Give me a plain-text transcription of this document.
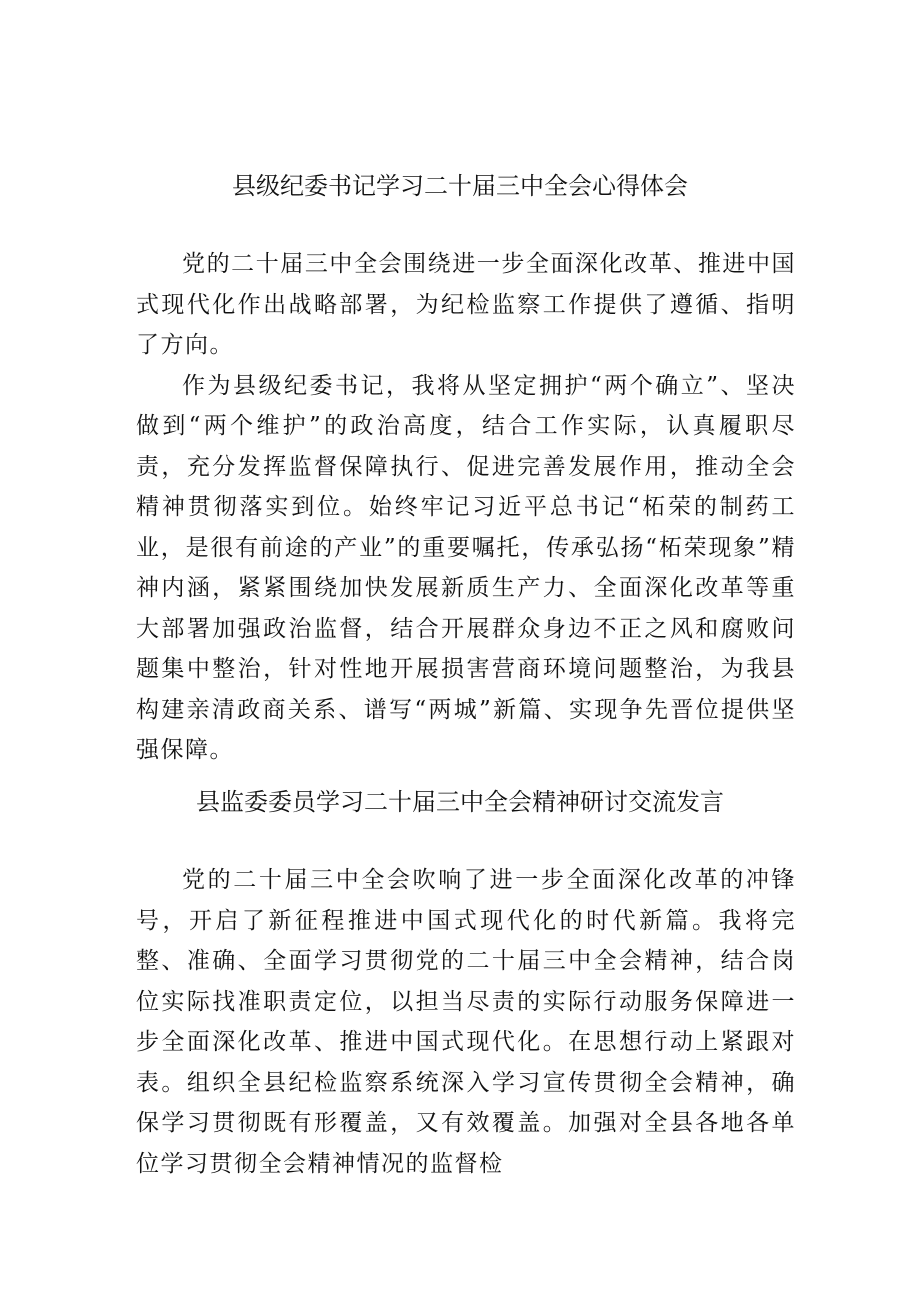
县级纪委书记学习二十届三中全会心得体会

党的二十届三中全会围绕进一步全面深化改革、推进中国式现代化作出战略部署，为纪检监察工作提供了遵循、指明了方向。

作为县级纪委书记，我将从坚定拥护“两个确立”、坚决做到“两个维护”的政治高度，结合工作实际，认真履职尽责，充分发挥监督保障执行、促进完善发展作用，推动全会精神贯彻落实到位。始终牢记习近平总书记“柘荣的制药工业，是很有前途的产业”的重要嘱托，传承弘扬“柘荣现象”精神内涵，紧紧围绕加快发展新质生产力、全面深化改革等重大部署加强政治监督，结合开展群众身边不正之风和腐败问题集中整治，针对性地开展损害营商环境问题整治，为我县构建亲清政商关系、谱写“两城”新篇、实现争先晋位提供坚强保障。

县监委委员学习二十届三中全会精神研讨交流发言

党的二十届三中全会吹响了进一步全面深化改革的冲锋号，开启了新征程推进中国式现代化的时代新篇。我将完整、准确、全面学习贯彻党的二十届三中全会精神，结合岗位实际找准职责定位，以担当尽责的实际行动服务保障进一步全面深化改革、推进中国式现代化。在思想行动上紧跟对表。组织全县纪检监察系统深入学习宣传贯彻全会精神，确保学习贯彻既有形覆盖，又有效覆盖。加强对全县各地各单位学习贯彻全会精神情况的监督检
